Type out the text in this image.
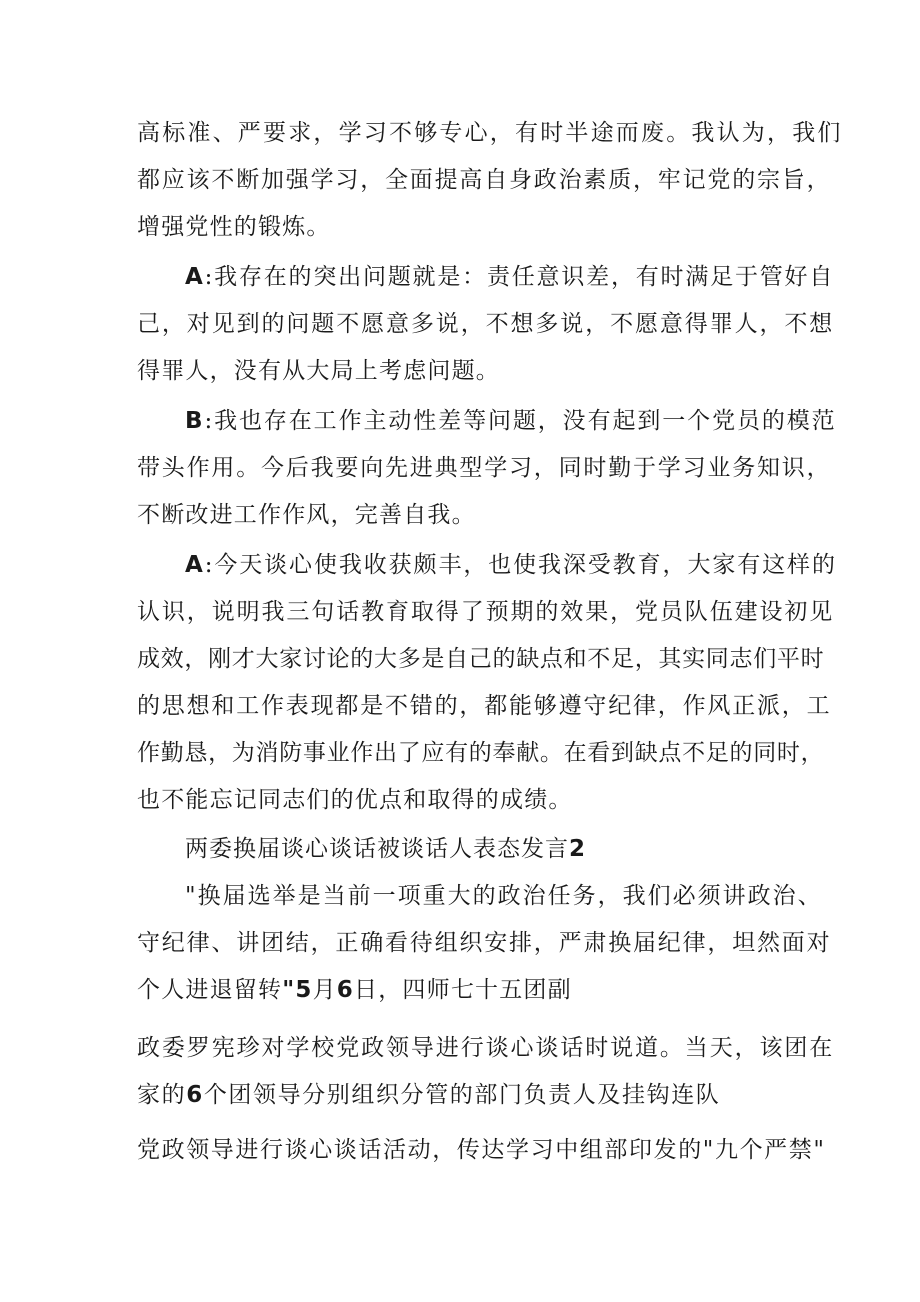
高标准、严要求，学习不够专心，有时半途而废。我认为，我们
都应该不断加强学习，全面提高自身政治素质，牢记党的宗旨，
增强党性的锻炼。
A:我存在的突出问题就是：责任意识差，有时满足于管好自
己，对见到的问题不愿意多说，不想多说，不愿意得罪人，不想
得罪人，没有从大局上考虑问题。
B:我也存在工作主动性差等问题，没有起到一个党员的模范
带头作用。今后我要向先进典型学习，同时勤于学习业务知识，
不断改进工作作风，完善自我。
A:今天谈心使我收获颇丰，也使我深受教育，大家有这样的
认识，说明我三句话教育取得了预期的效果，党员队伍建设初见
成效，刚才大家讨论的大多是自己的缺点和不足，其实同志们平时
的思想和工作表现都是不错的，都能够遵守纪律，作风正派，工
作勤恳，为消防事业作出了应有的奉献。在看到缺点不足的同时，
也不能忘记同志们的优点和取得的成绩。
两委换届谈心谈话被谈话人表态发言2
"换届选举是当前一项重大的政治任务，我们必须讲政治、
守纪律、讲团结，正确看待组织安排，严肃换届纪律，坦然面对
个人进退留转"5月6日，四师七十五团副
政委罗宪珍对学校党政领导进行谈心谈话时说道。当天，该团在
家的6个团领导分别组织分管的部门负责人及挂钩连队
党政领导进行谈心谈话活动，传达学习中组部印发的"九个严禁"
